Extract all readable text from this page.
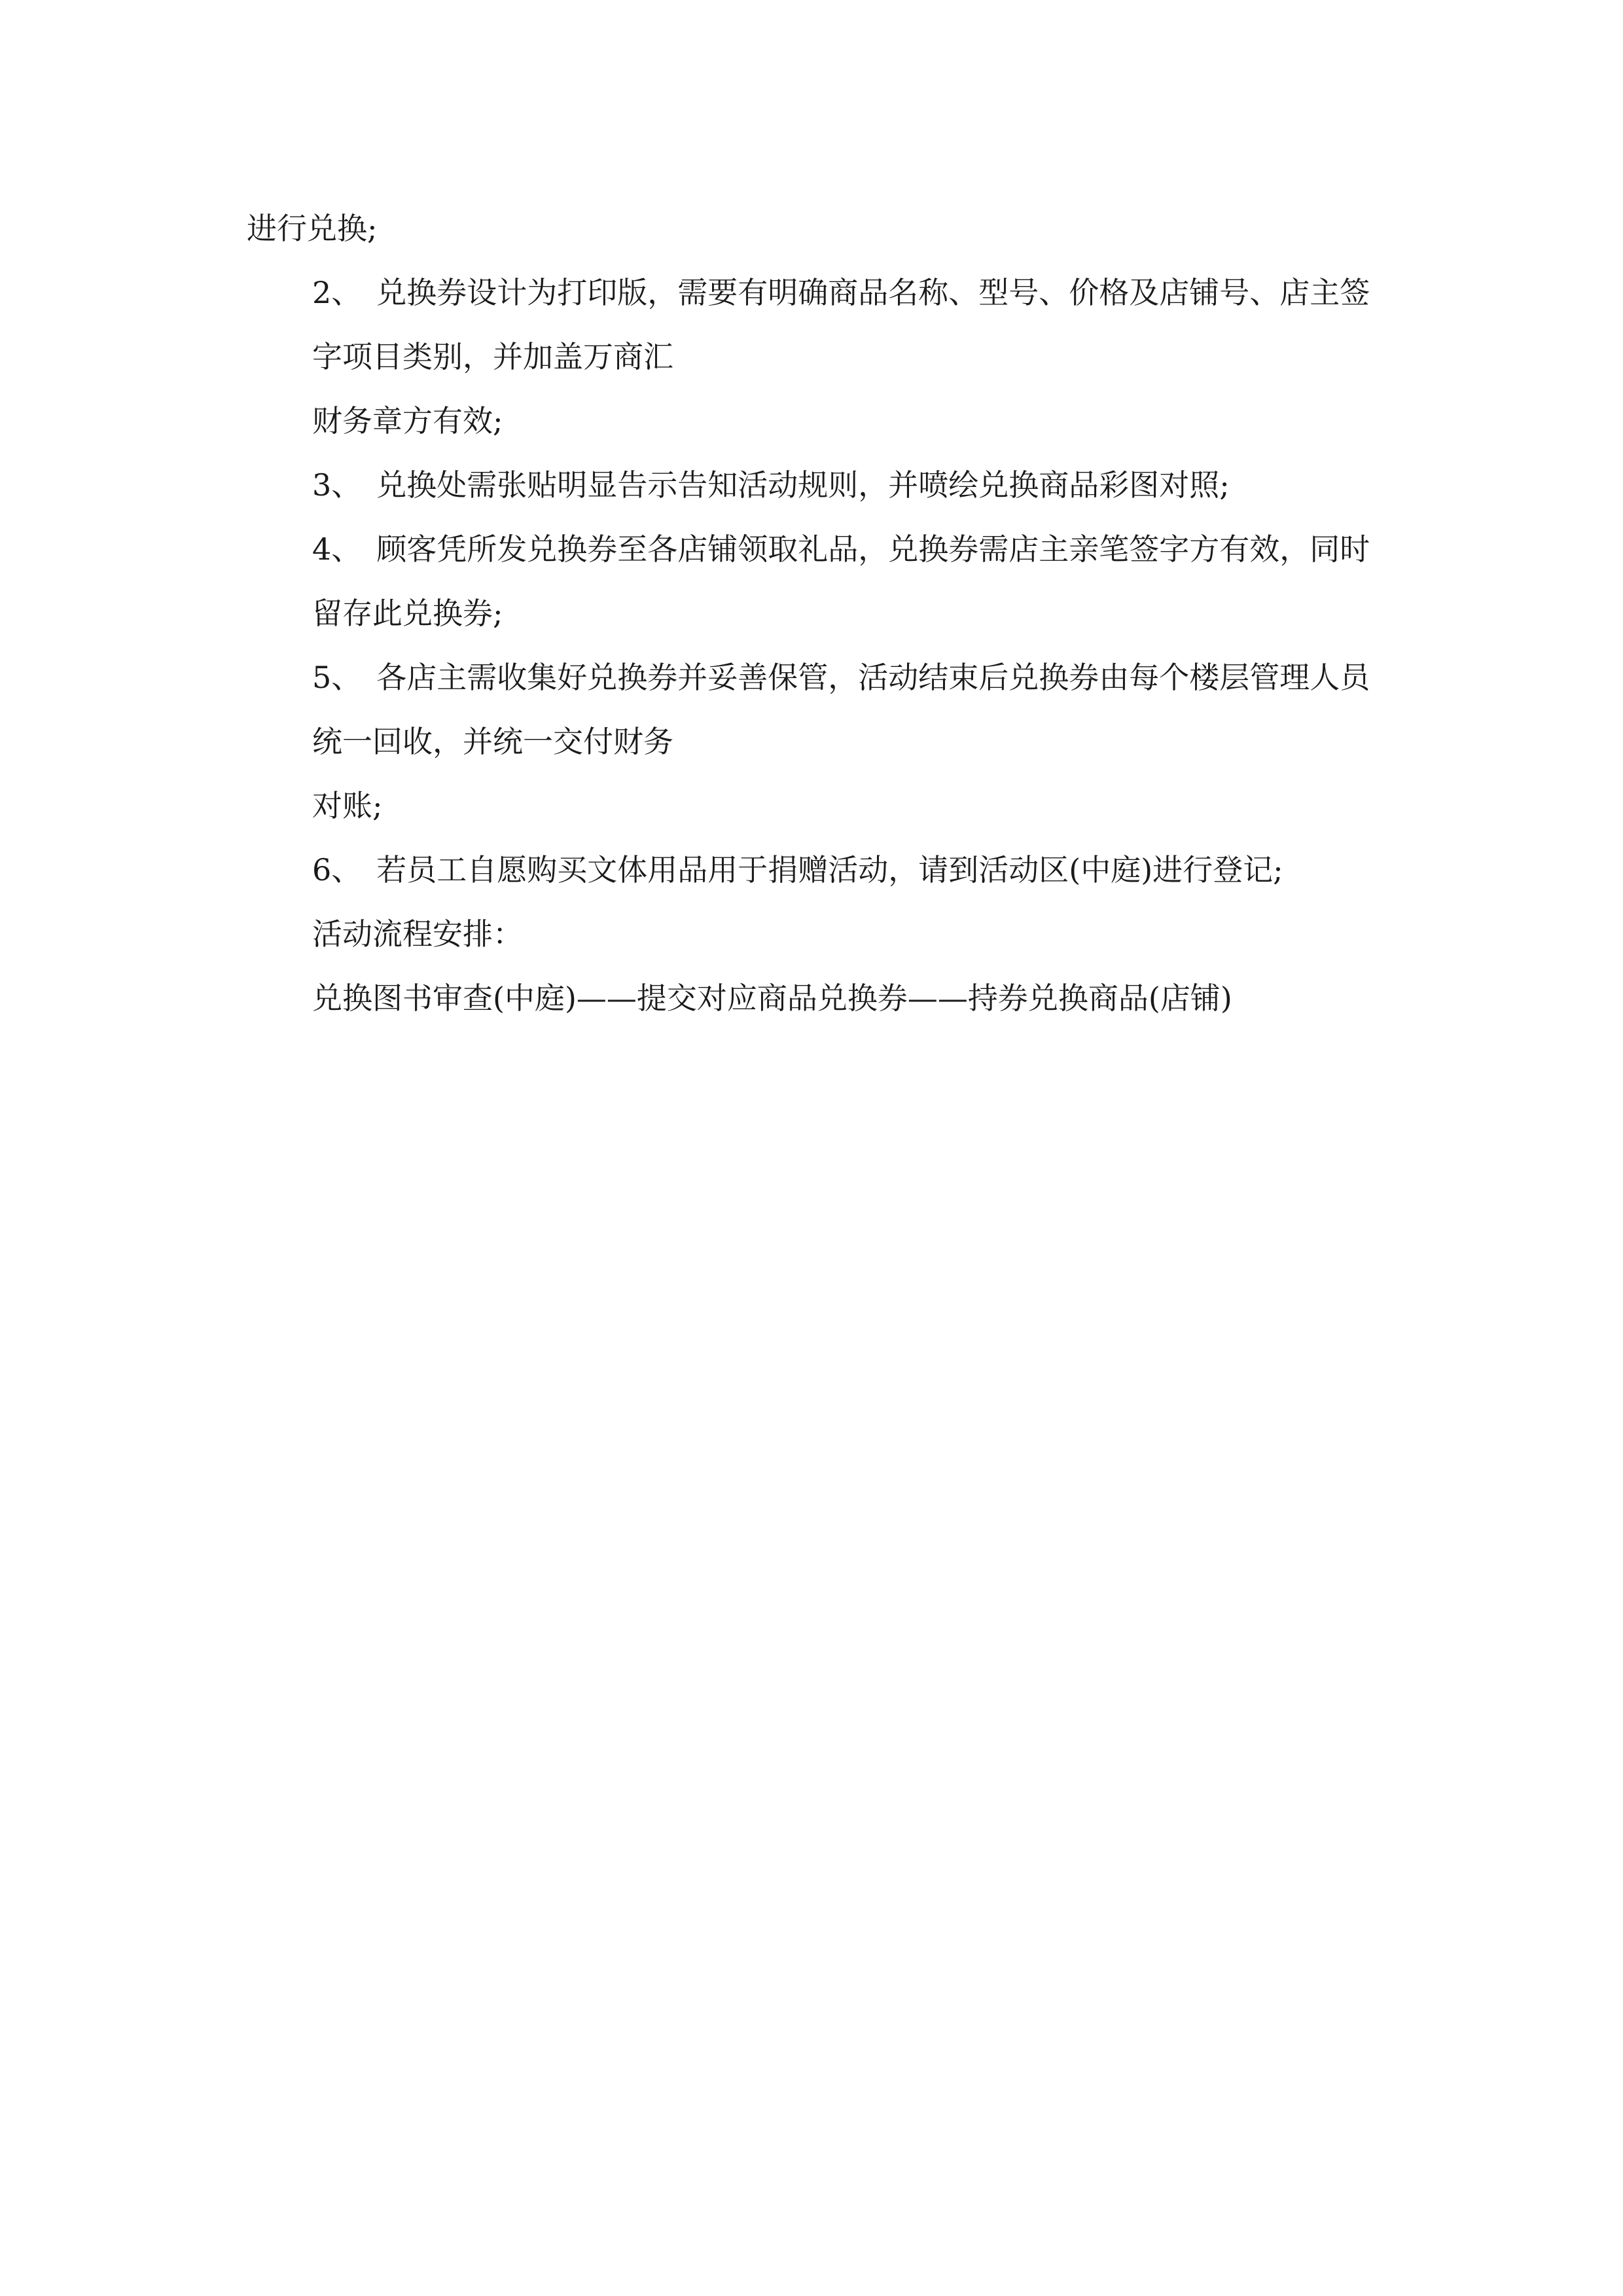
进行兑换;

2、　兑换券设计为打印版，需要有明确商品名称、型号、价格及店铺号、店主签字项目类别，并加盖万商汇

财务章方有效;

3、　兑换处需张贴明显告示告知活动规则，并喷绘兑换商品彩图对照;

4、　顾客凭所发兑换券至各店铺领取礼品，兑换券需店主亲笔签字方有效，同时留存此兑换券;

5、　各店主需收集好兑换券并妥善保管，活动结束后兑换券由每个楼层管理人员统一回收，并统一交付财务

对账;

6、　若员工自愿购买文体用品用于捐赠活动，请到活动区(中庭)进行登记;

活动流程安排：

兑换图书审查(中庭)——提交对应商品兑换券——持券兑换商品(店铺)
